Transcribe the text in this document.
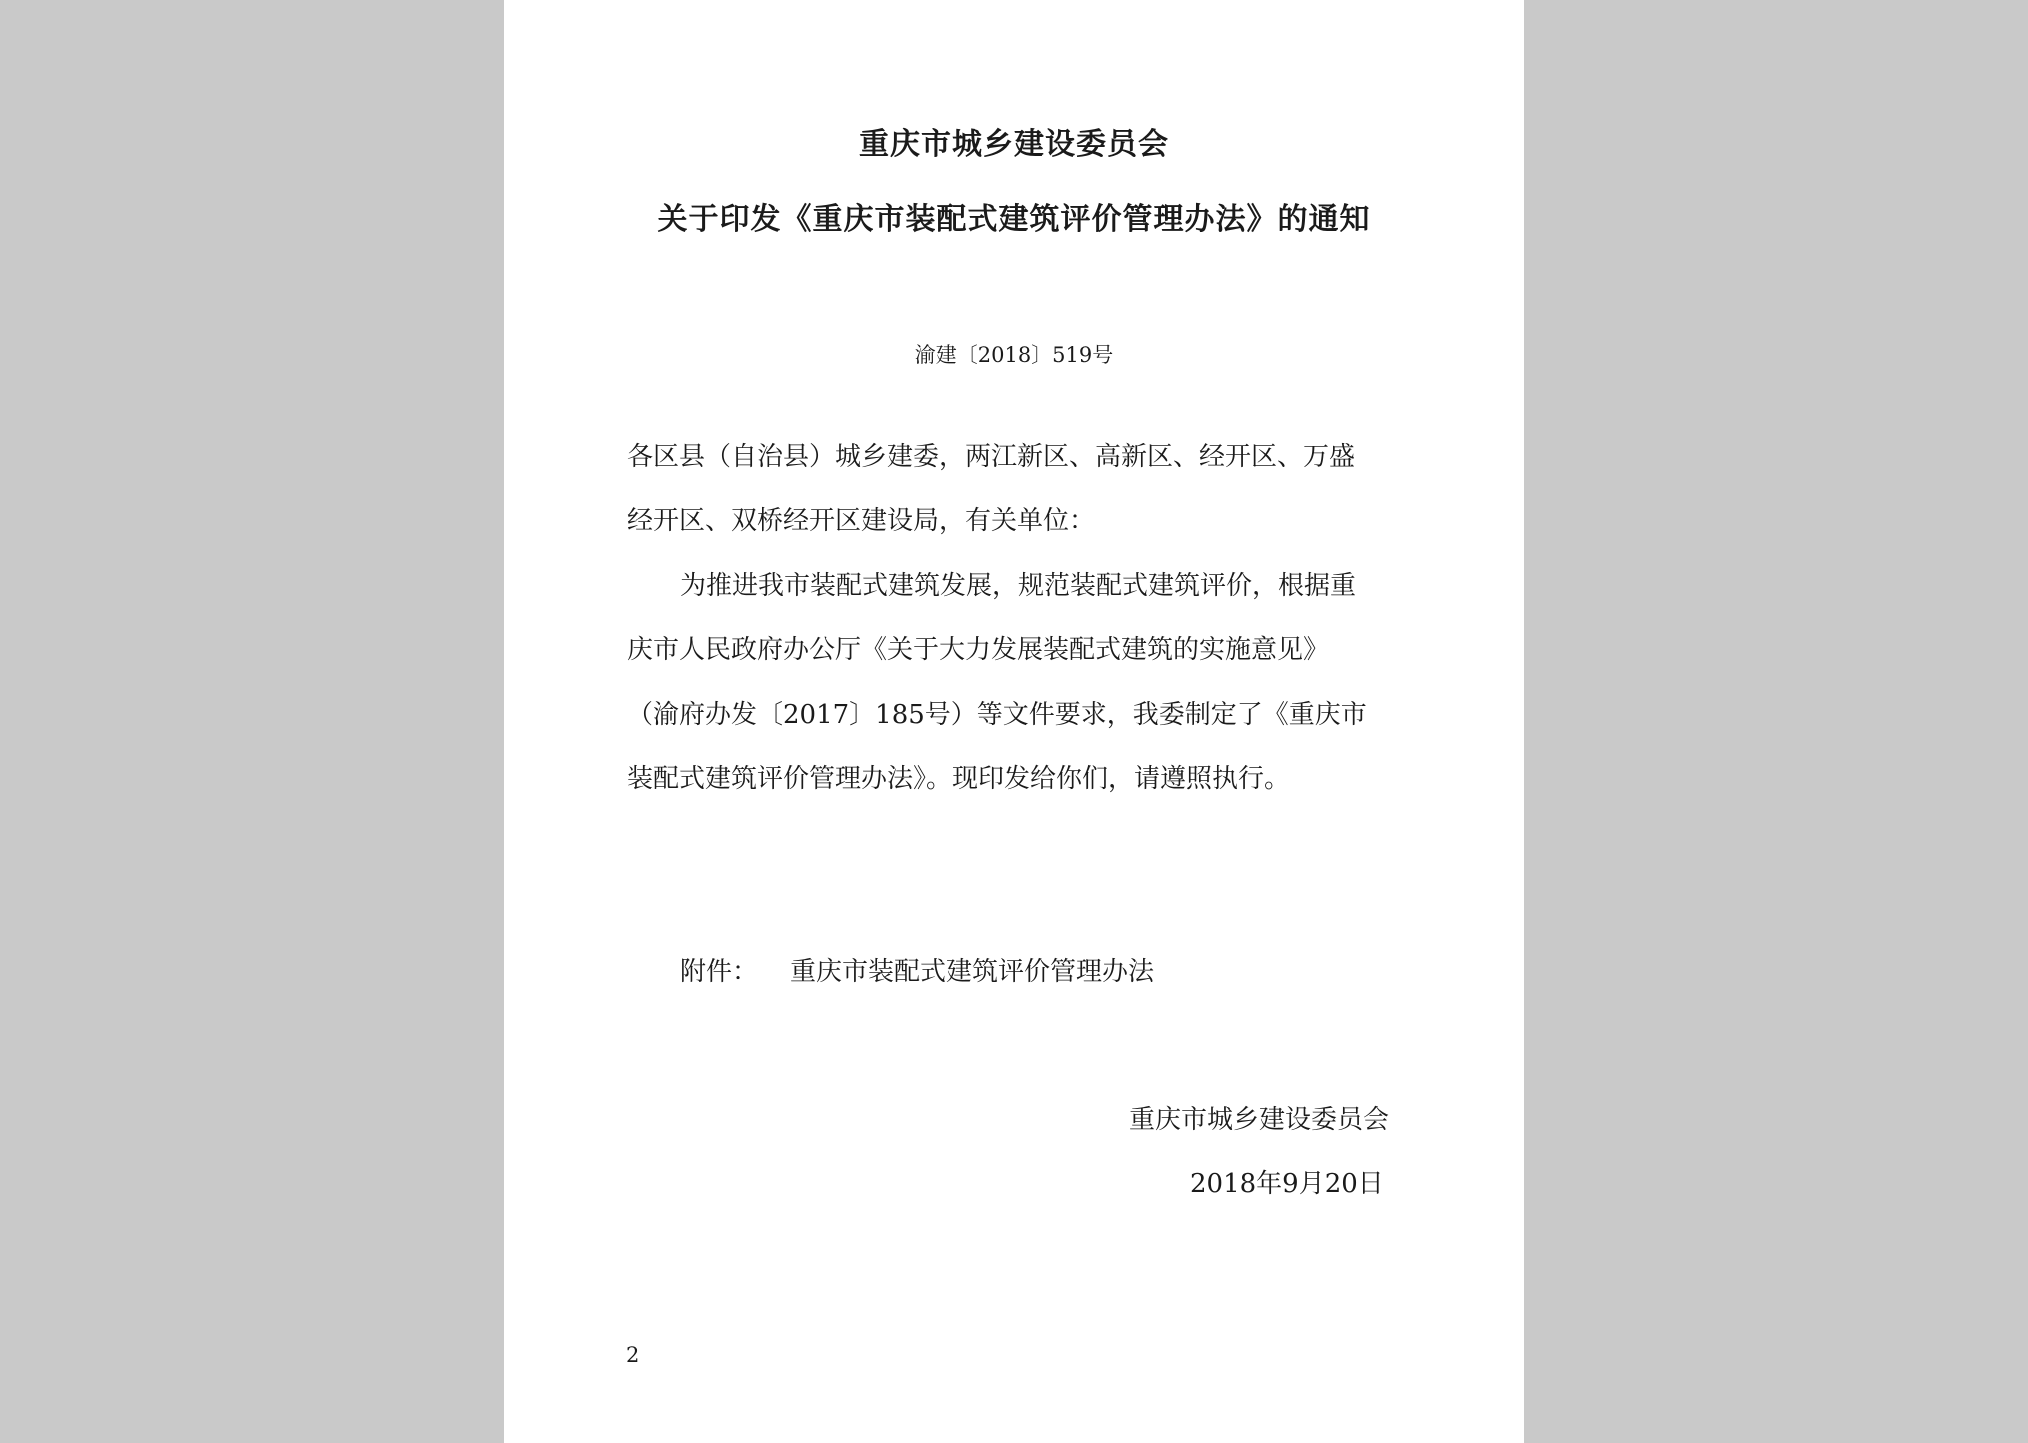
重庆市城乡建设委员会
关于印发《重庆市装配式建筑评价管理办法》的通知
渝建〔2018〕519号
各区县（自治县）城乡建委，两江新区、高新区、经开区、万盛
经开区、双桥经开区建设局，有关单位：
为推进我市装配式建筑发展，规范装配式建筑评价，根据重
庆市人民政府办公厅《关于大力发展装配式建筑的实施意见》
（渝府办发〔2017〕185号）等文件要求，我委制定了《重庆市
装配式建筑评价管理办法》。现印发给你们，请遵照执行。
附件： 重庆市装配式建筑评价管理办法
重庆市城乡建设委员会
2018年9月20日
2
